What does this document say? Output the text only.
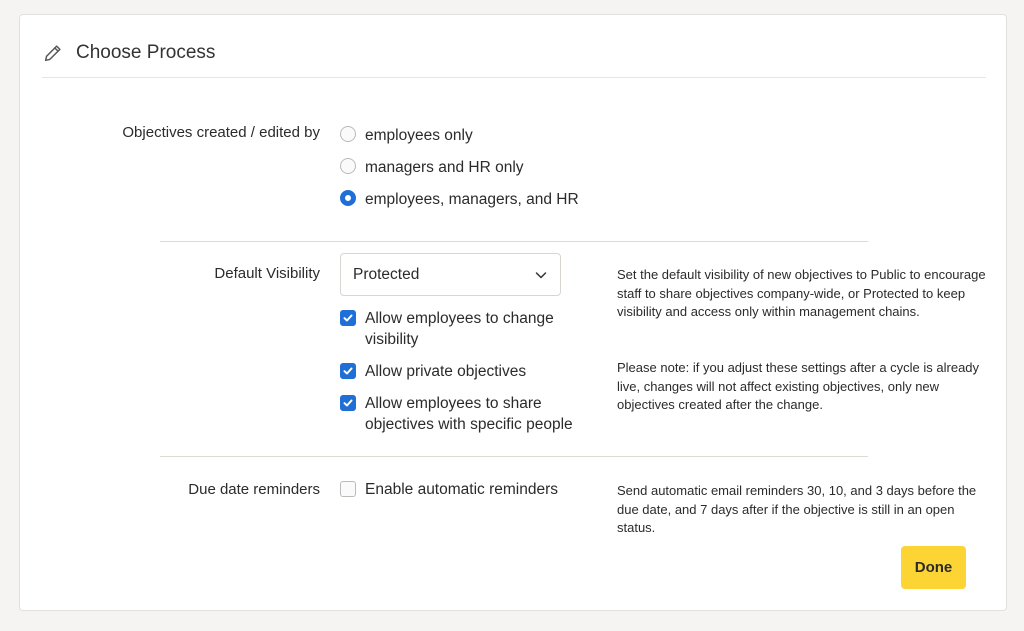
Choose Process
Objectives created / edited by	employees only
managers and HR only
employees, managers, and HR
Default Visibility Protected
Allow employees to change visibility
Allow private objectives
Allow employees to share objectives with specific people
Set the default visibility of new objectives to Public to encourage staff to share objectives company-wide, or Protected to keep visibility and access only within management chains.
Please note: if you adjust these settings after a cycle is already live, changes will not affect existing objectives, only new objectives created after the change.
Due date reminders	Enable automatic reminders	Send automatic email reminders 30, 10, and 3 days before the due date, and 7 days after if the objective is still in an open status.
Done
